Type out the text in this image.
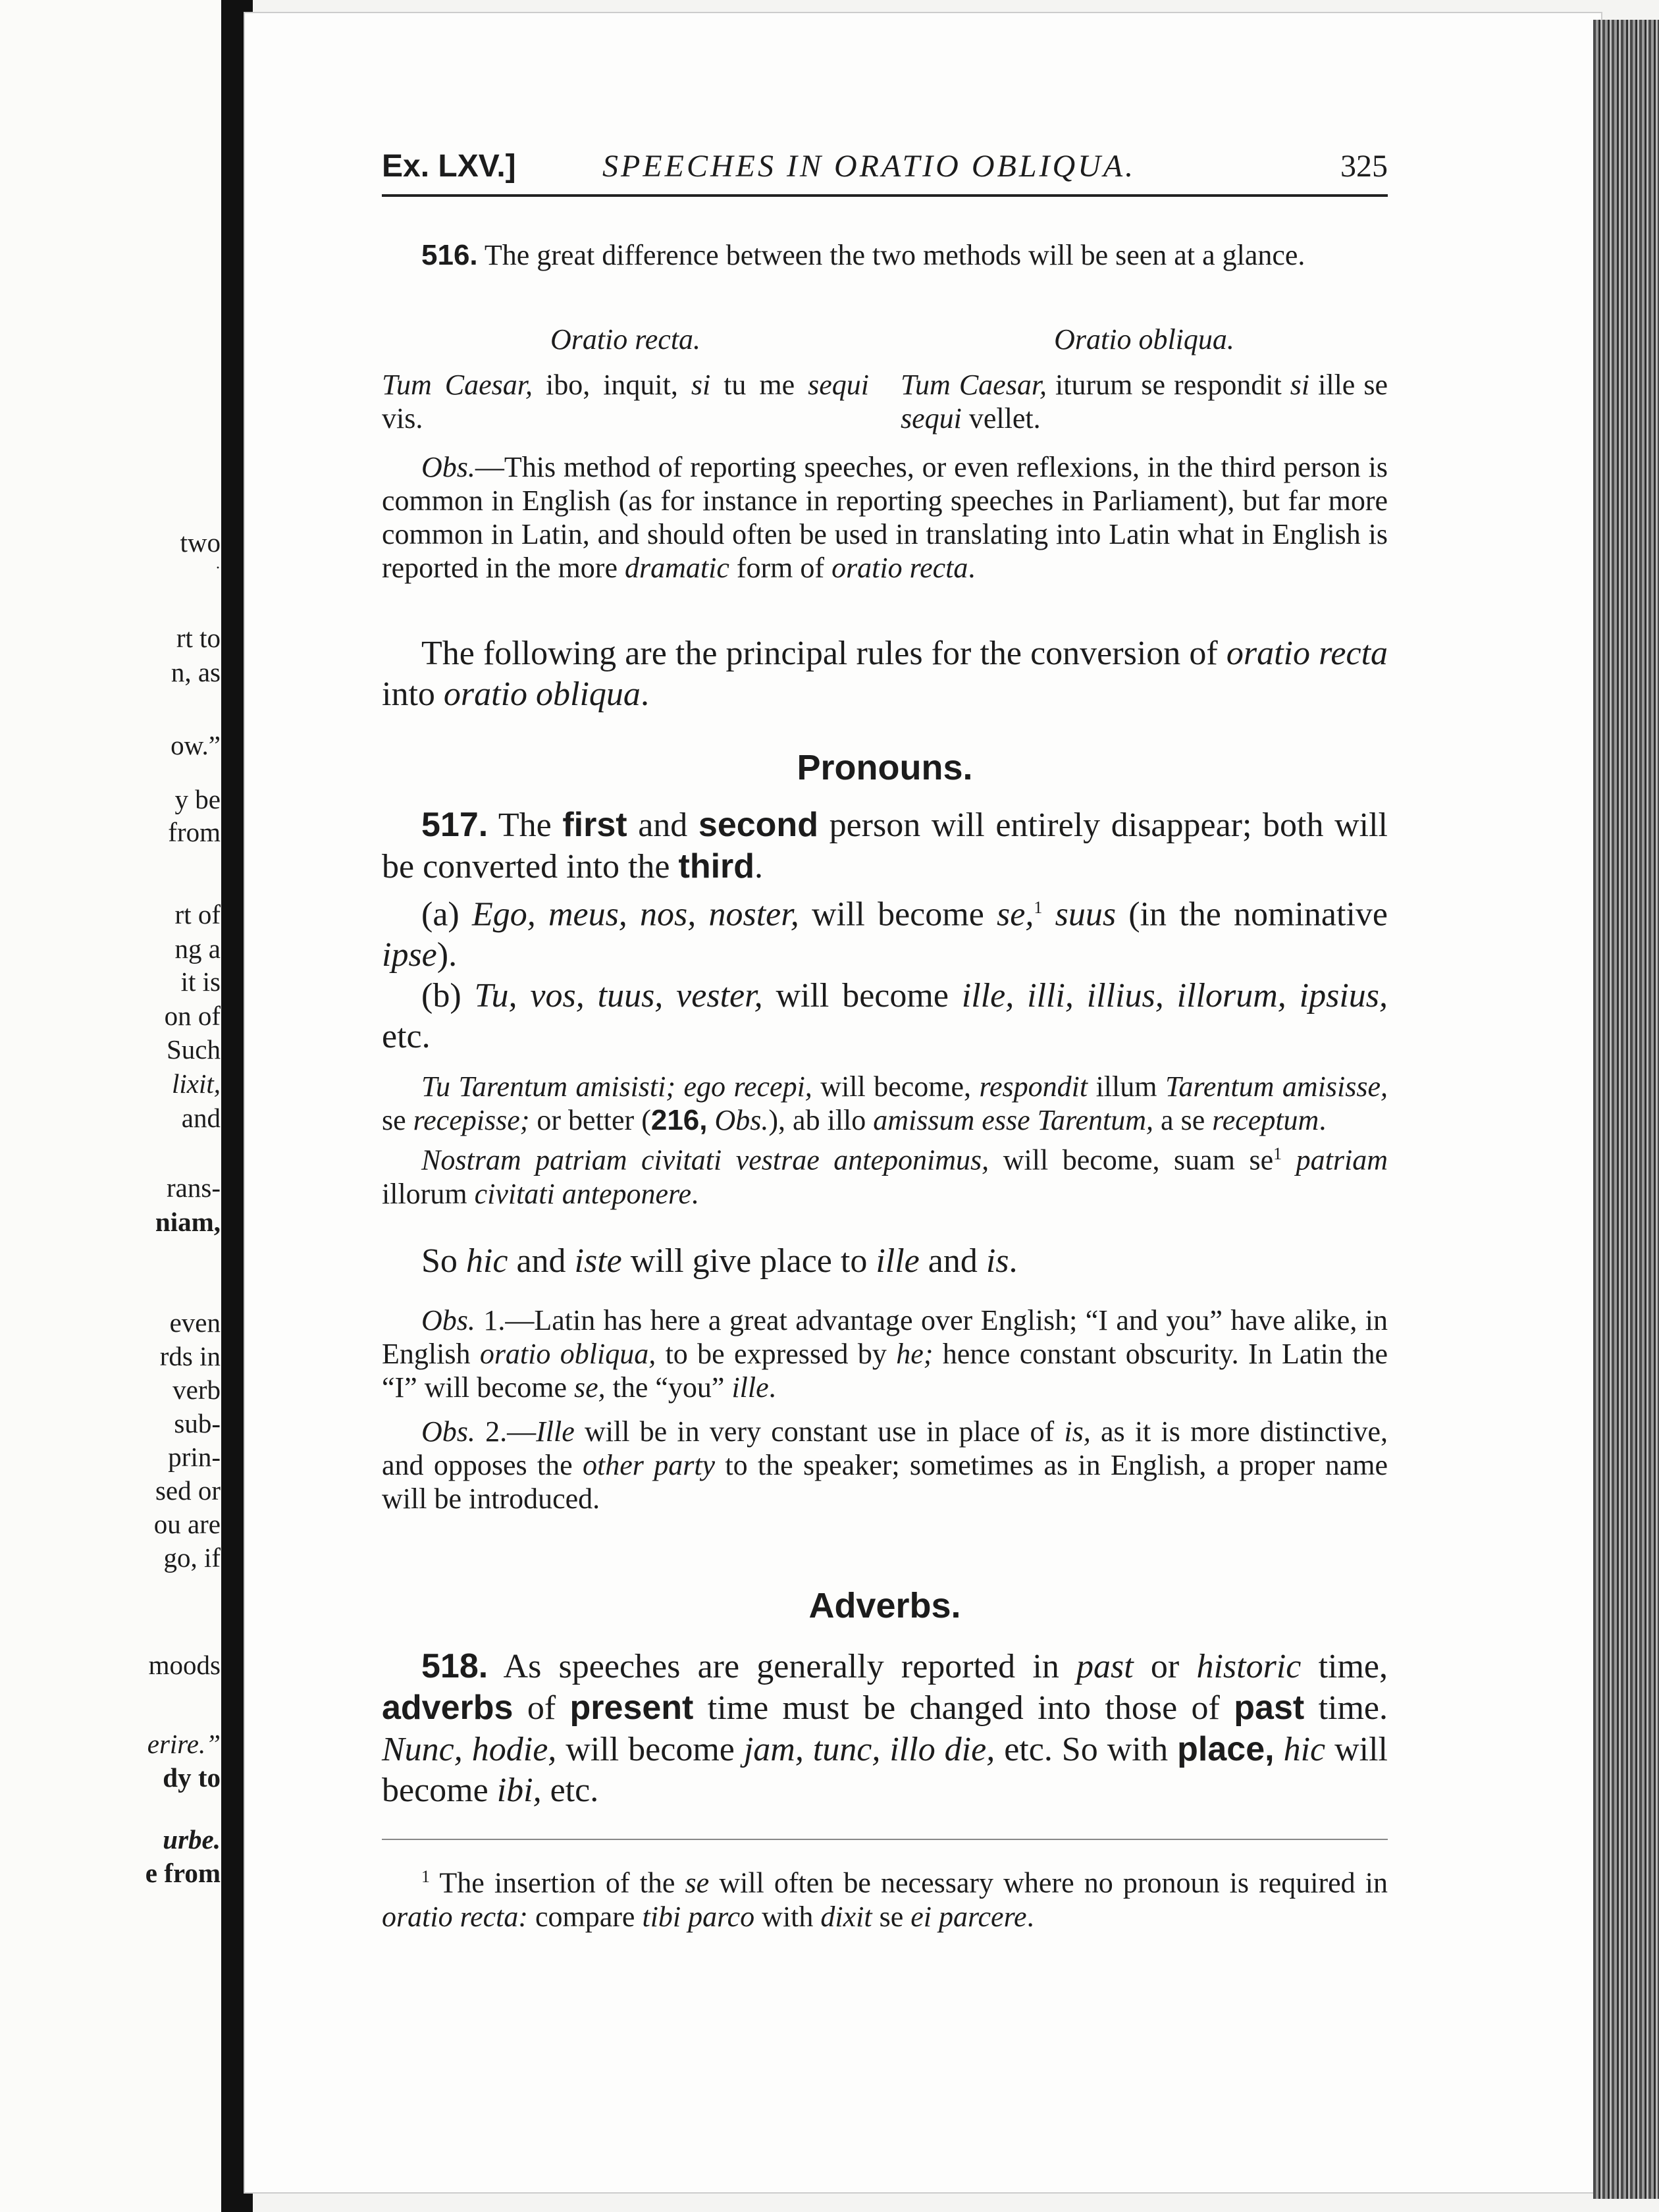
two
·
rt to
n, as
ow.”
y be
from
rt of
ng a
it is
on of
Such
lixit,
and
rans-
niam,
even
rds in
verb
sub-
prin-
sed or
ou are
go, if
moods
erire.”
dy to
urbe.
e from
Ex. LXV.]	SPEECHES IN ORATIO OBLIQUA.	325

516. The great difference between the two methods will be seen at a glance.

Oratio recta.
Tum Caesar, ibo, inquit, si tu me sequi vis.
Oratio obliqua.
Tum Caesar, iturum se respondit si ille se sequi vellet.

Obs.—This method of reporting speeches, or even reflexions, in the third person is common in English (as for instance in reporting speeches in Parliament), but far more common in Latin, and should often be used in translating into Latin what in English is reported in the more dramatic form of oratio recta.

The following are the principal rules for the conversion of oratio recta into oratio obliqua.

Pronouns.

517. The first and second person will entirely disappear; both will be converted into the third.

(a) Ego, meus, nos, noster, will become se,$^1$ suus (in the nominative ipse).

(b) Tu, vos, tuus, vester, will become ille, illi, illius, illorum, ipsius, etc.

Tu Tarentum amisisti; ego recepi, will become, respondit illum Tarentum amisisse, se recepisse; or better (216, Obs.), ab illo amissum esse Tarentum, a se receptum.

Nostram patriam civitati vestrae anteponimus, will become, suam $se^1$ patriam illorum civitati anteponere.

So hic and iste will give place to ille and is.

Obs. 1.—Latin has here a great advantage over English; “I and you” have alike, in English oratio obliqua, to be expressed by he; hence constant obscurity. In Latin the “I” will become se, the “you” ille.

Obs. 2.—Ille will be in very constant use in place of is, as it is more distinctive, and opposes the other party to the speaker; sometimes as in English, a proper name will be introduced.

Adverbs.

518. As speeches are generally reported in past or historic time, adverbs of present time must be changed into those of past time. Nunc, hodie, will become jam, tunc, illo die, etc. So with place, hic will become ibi, etc.

$^1$ The insertion of the se will often be necessary where no pronoun is required in oratio recta: compare tibi parco with dixit se ei parcere.
